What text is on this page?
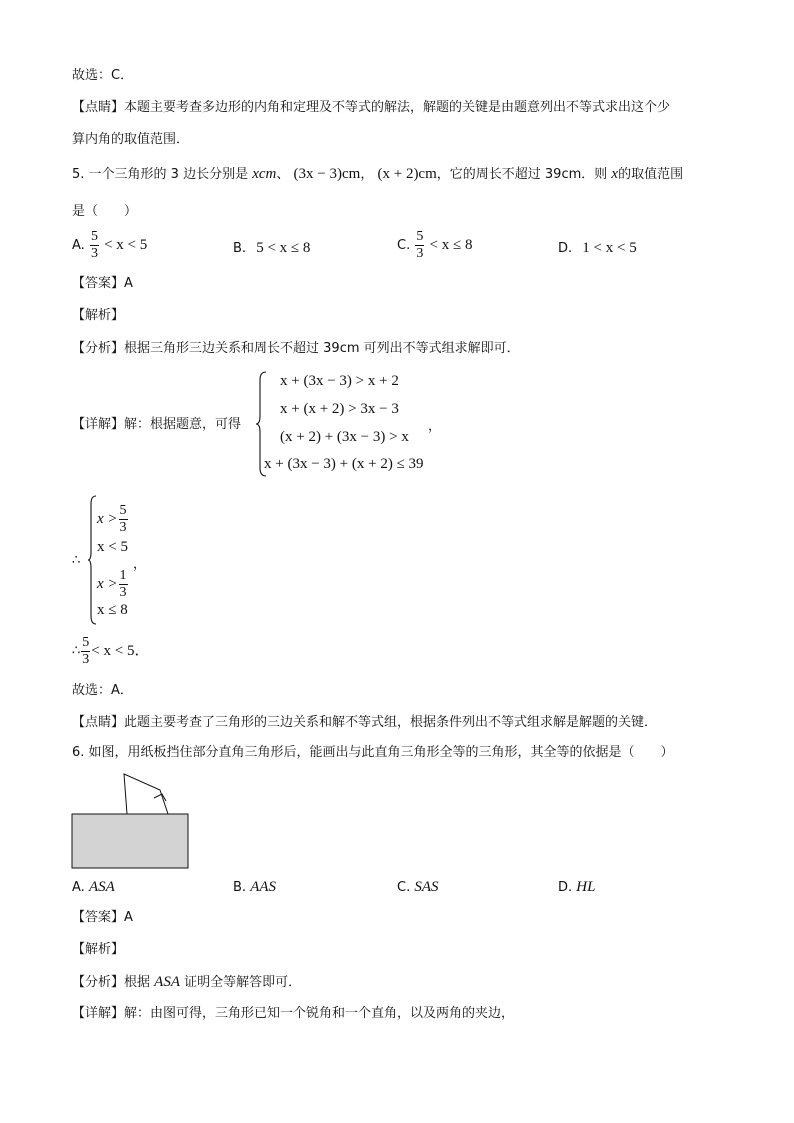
故选：C．
【点睛】本题主要考查多边形的内角和定理及不等式的解法，解题的关键是由题意列出不等式求出这个少
算内角的取值范围．
5. 一个三角形的 3 边长分别是 xcm、 (3x − 3)cm， (x + 2)cm，它的周长不超过 39cm．则 x的取值范围
是（　　）
A. $\frac{5}{3} < x < 5$	B. 5 < x ≤ 8	C. $\frac{5}{3} < x \le 8$	D. 1 < x < 5
【答案】A
【解析】
【分析】根据三角形三边关系和周长不超过 39cm 可列出不等式组求解即可．
【详解】解：根据题意，可得
x + (3x − 3) > x + 2
x + (x + 2) > 3x − 3
(x + 2) + (3x − 3) > x
x + (3x − 3) + (x + 2) ≤ 39
，
∴
$x > \frac{5}{3}$
x < 5
$x > \frac{1}{3}$
x ≤ 8
，
∴ $\frac{5}{3} < x < 5$．
故选：A．
【点睛】此题主要考查了三角形的三边关系和解不等式组，根据条件列出不等式组求解是解题的关键．
6. 如图，用纸板挡住部分直角三角形后，能画出与此直角三角形全等的三角形，其全等的依据是（　　）
A. ASA	B. AAS	C. SAS	D. HL
【答案】A
【解析】
【分析】根据 ASA 证明全等解答即可．
【详解】解：由图可得，三角形已知一个锐角和一个直角，以及两角的夹边，
